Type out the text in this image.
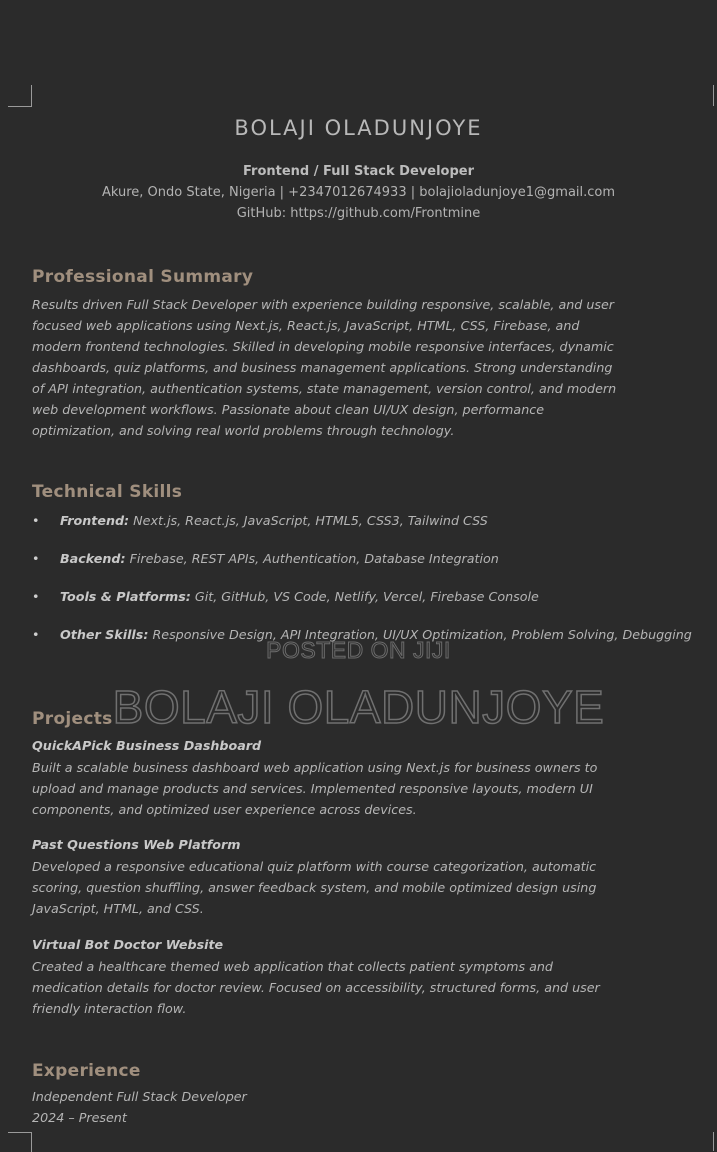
BOLAJI OLADUNJOYE
Frontend / Full Stack Developer
Akure, Ondo State, Nigeria | +2347012674933 | bolajioladunjoye1@gmail.com
GitHub: https://github.com/Frontmine
Professional Summary

Results driven Full Stack Developer with experience building responsive, scalable, and user
focused web applications using Next.js, React.js, JavaScript, HTML, CSS, Firebase, and
modern frontend technologies. Skilled in developing mobile responsive interfaces, dynamic
dashboards, quiz platforms, and business management applications. Strong understanding
of API integration, authentication systems, state management, version control, and modern
web development workflows. Passionate about clean UI/UX design, performance
optimization, and solving real world problems through technology.

Technical Skills
• Frontend: Next.js, React.js, JavaScript, HTML5, CSS3, Tailwind CSS
• Backend: Firebase, REST APIs, Authentication, Database Integration
• Tools & Platforms: Git, GitHub, VS Code, Netlify, Vercel, Firebase Console
• Other Skills: Responsive Design, API Integration, UI/UX Optimization, Problem Solving, Debugging
Projects
QuickAPick Business Dashboard

Built a scalable business dashboard web application using Next.js for business owners to
upload and manage products and services. Implemented responsive layouts, modern UI
components, and optimized user experience across devices.

Past Questions Web Platform

Developed a responsive educational quiz platform with course categorization, automatic
scoring, question shuffling, answer feedback system, and mobile optimized design using
JavaScript, HTML, and CSS.

Virtual Bot Doctor Website

Created a healthcare themed web application that collects patient symptoms and
medication details for doctor review. Focused on accessibility, structured forms, and user
friendly interaction flow.

Experience
Independent Full Stack Developer
2024 – Present
POSTED ON JIJI
BOLAJI OLADUNJOYE
